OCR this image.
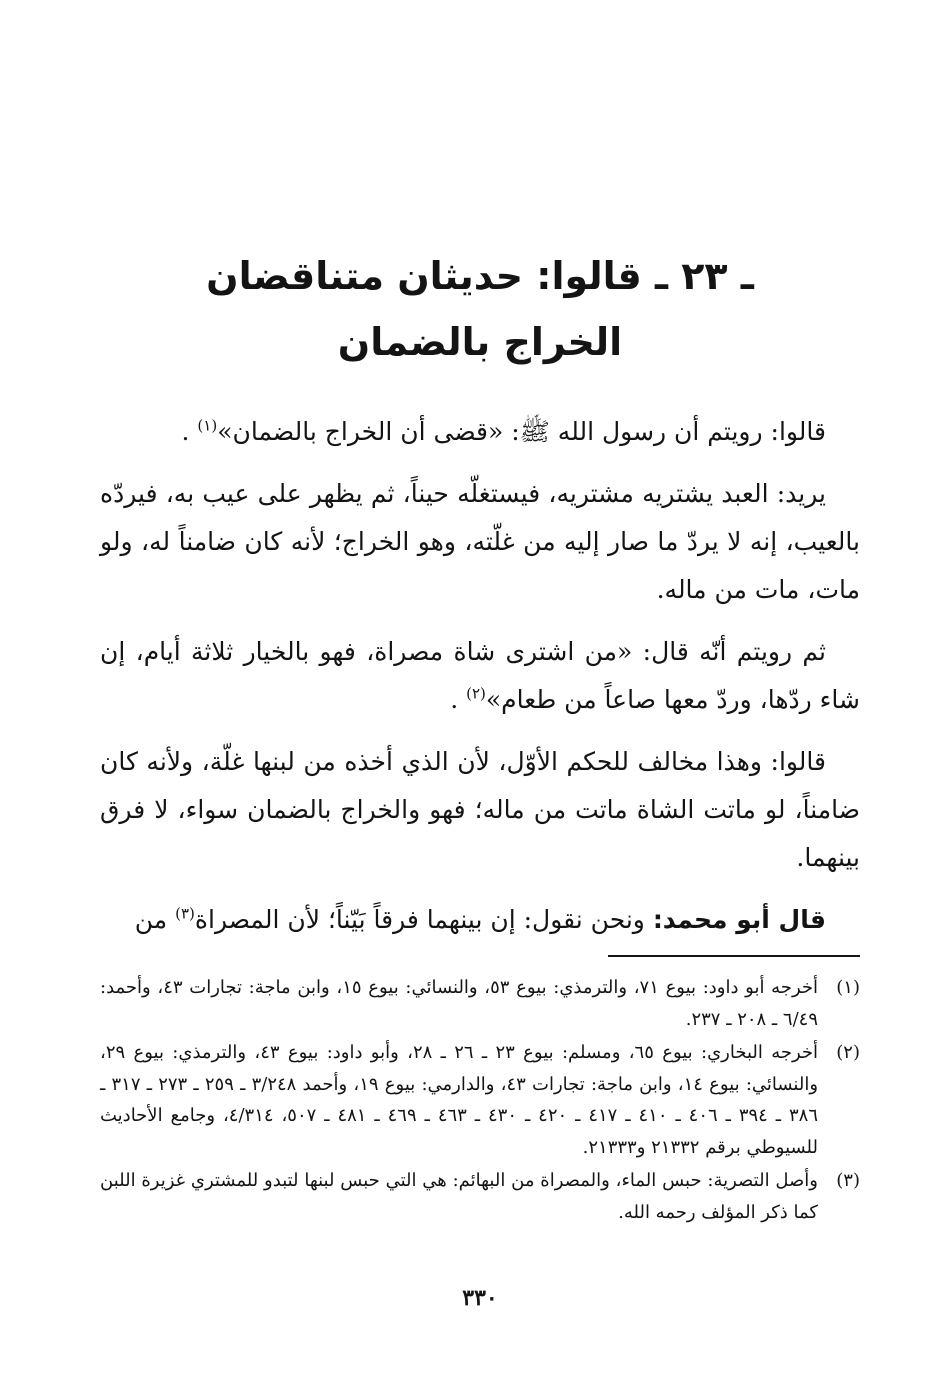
ـ ٢٣ ـ قالوا: حديثان متناقضان
الخراج بالضمان

قالوا: رويتم أن رسول الله ﷺ: «قضى أن الخراج بالضمان»$^{(١)}$ .

يريد: العبد يشتريه مشتريه، فيستغلّه حيناً، ثم يظهر على عيب به، فيردّه بالعيب، إنه لا يردّ ما صار إليه من غلّته، وهو الخراج؛ لأنه كان ضامناً له، ولو مات، مات من ماله.

ثم رويتم أنّه قال: «من اشترى شاة مصراة، فهو بالخيار ثلاثة أيام، إن شاء ردّها، وردّ معها صاعاً من طعام»$^{(٢)}$ .

قالوا: وهذا مخالف للحكم الأوّل، لأن الذي أخذه من لبنها غلّة، ولأنه كان ضامناً، لو ماتت الشاة ماتت من ماله؛ فهو والخراج بالضمان سواء، لا فرق بينهما.

قال أبو محمد: ونحن نقول: إن بينهما فرقاً بَيّناً؛ لأن المصراة$^{(٣)}$ من

(١)
أخرجه أبو داود: بيوع ٧١، والترمذي: بيوع ٥٣، والنسائي: بيوع ١٥، وابن ماجة: تجارات ٤٣، وأحمد: ٦/٤٩ ـ ٢٠٨ ـ ٢٣٧.
(٢)
أخرجه البخاري: بيوع ٦٥، ومسلم: بيوع ٢٣ ـ ٢٦ ـ ٢٨، وأبو داود: بيوع ٤٣، والترمذي: بيوع ٢٩، والنسائي: بيوع ١٤، وابن ماجة: تجارات ٤٣، والدارمي: بيوع ١٩، وأحمد ٣/٢٤٨ ـ ٢٥٩ ـ ٢٧٣ ـ ٣١٧ ـ ٣٨٦ ـ ٣٩٤ ـ ٤٠٦ ـ ٤١٠ ـ ٤١٧ ـ ٤٢٠ ـ ٤٣٠ ـ ٤٦٣ ـ ٤٦٩ ـ ٤٨١ ـ ٥٠٧، ٤/٣١٤، وجامع الأحاديث للسيوطي برقم ٢١٣٣٢ و٢١٣٣٣.
(٣)
وأصل التصرية: حبس الماء، والمصراة من البهائم: هي التي حبس لبنها لتبدو للمشتري غزيرة اللبن كما ذكر المؤلف رحمه الله.
٣٣٠
